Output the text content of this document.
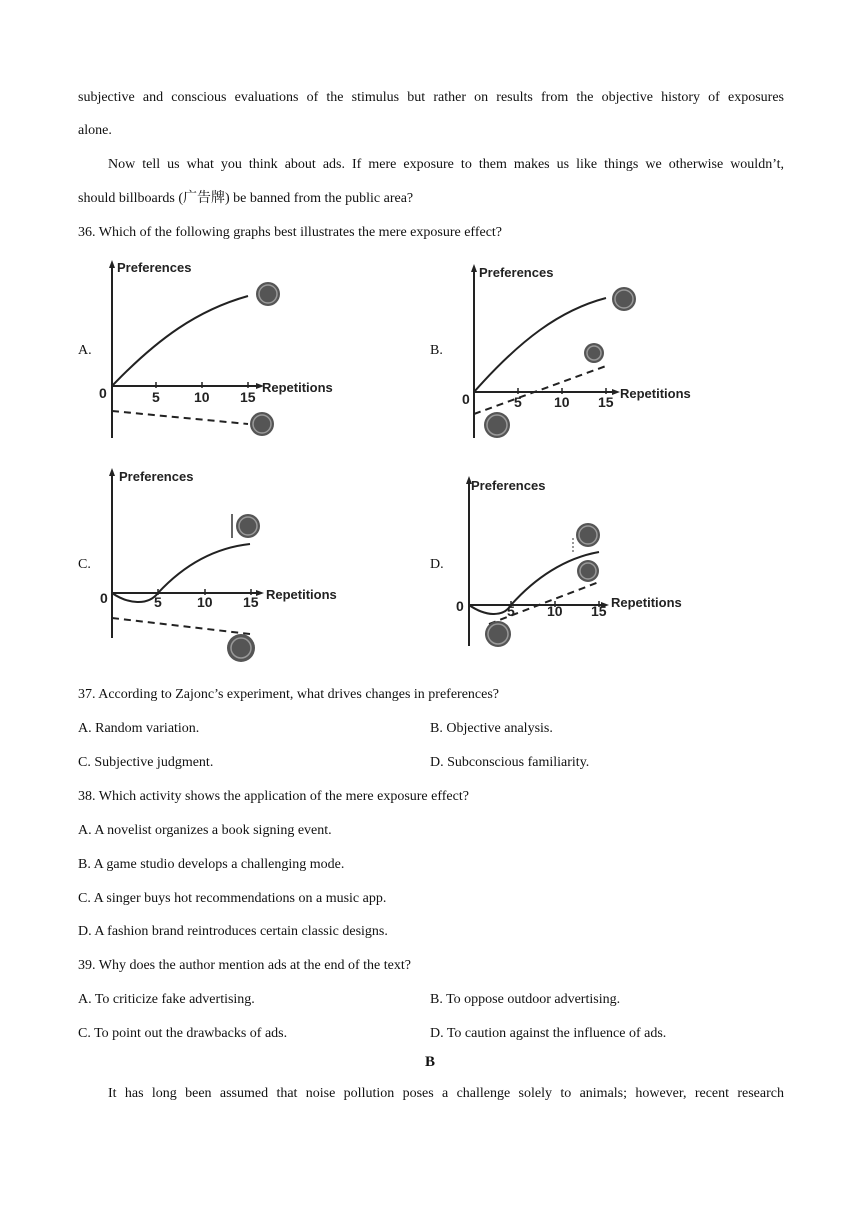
subjective and conscious evaluations of the stimulus but rather on results from the objective history of exposures
alone.
Now tell us what you think about ads. If mere exposure to them makes us like things we otherwise wouldn’t,
should billboards (广告牌) be banned from the public area?
36. Which of the following graphs best illustrates the mere exposure effect?
A.	B.
C.	D.
Preferences
Repetitions
0	5 10 15
Preferences
Repetitions
0	5 10 15
Preferences
Repetitions
0	5	10 15
Preferences
Repetitions
0	5 10 15
37. According to Zajonc’s experiment, what drives changes in preferences?
A. Random variation.	B. Objective analysis.
C. Subjective judgment.	D. Subconscious familiarity.
38. Which activity shows the application of the mere exposure effect?
A. A novelist organizes a book signing event.
B. A game studio develops a challenging mode.
C. A singer buys hot recommendations on a music app.
D. A fashion brand reintroduces certain classic designs.
39. Why does the author mention ads at the end of the text?
A. To criticize fake advertising.	B. To oppose outdoor advertising.
C. To point out the drawbacks of ads.	D. To caution against the influence of ads.
B
It has long been assumed that noise pollution poses a challenge solely to animals; however, recent research
